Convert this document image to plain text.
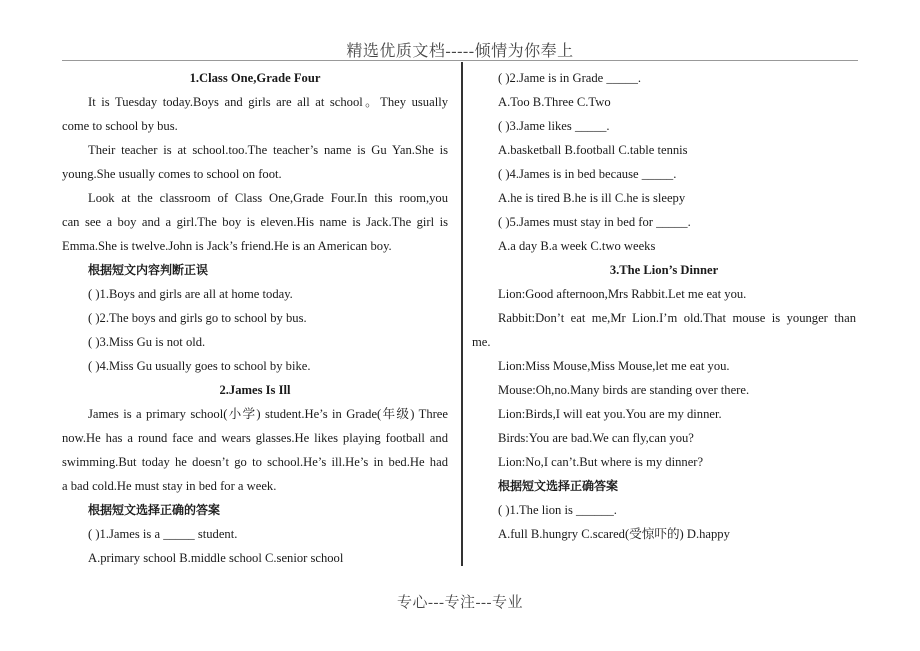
精选优质文档-----倾情为你奉上
1.Class One,Grade Four
It is Tuesday today.Boys and girls are all at school。They usually
come to school by bus.
Their teacher is at school.too.The teacher’s name is Gu Yan.She is
young.She usually comes to school on foot.
Look at the classroom of Class One,Grade Four.In this room,you
can see a boy and a girl.The boy is eleven.His name is Jack.The girl is
Emma.She is twelve.John is Jack’s friend.He is an American boy.
根据短文内容判断正误
( )1.Boys and girls are all at home today.
( )2.The boys and girls go to school by bus.
( )3.Miss Gu is not old.
( )4.Miss Gu usually goes to school by bike.
2.James Is Ill
James is a primary school(小学) student.He’s in Grade(年级) Three
now.He has a round face and wears glasses.He likes playing football and
swimming.But today he doesn’t go to school.He’s ill.He’s in bed.He had
a bad cold.He must stay in bed for a week.
根据短文选择正确的答案
( )1.James is a _____ student.
A.primary school B.middle school C.senior school
( )2.Jame is in Grade _____.
A.Too B.Three C.Two
( )3.Jame likes _____.
A.basketball B.football C.table tennis
( )4.James is in bed because _____.
A.he is tired B.he is ill C.he is sleepy
( )5.James must stay in bed for _____.
A.a day B.a week C.two weeks
3.The Lion’s Dinner
Lion:Good afternoon,Mrs Rabbit.Let me eat you.
Rabbit:Don’t eat me,Mr Lion.I’m old.That mouse is younger than
me.
Lion:Miss Mouse,Miss Mouse,let me eat you.
Mouse:Oh,no.Many birds are standing over there.
Lion:Birds,I will eat you.You are my dinner.
Birds:You are bad.We can fly,can you?
Lion:No,I can’t.But where is my dinner?
根据短文选择正确答案
( )1.The lion is ______.
A.full B.hungry C.scared(受惊吓的) D.happy
专心---专注---专业
